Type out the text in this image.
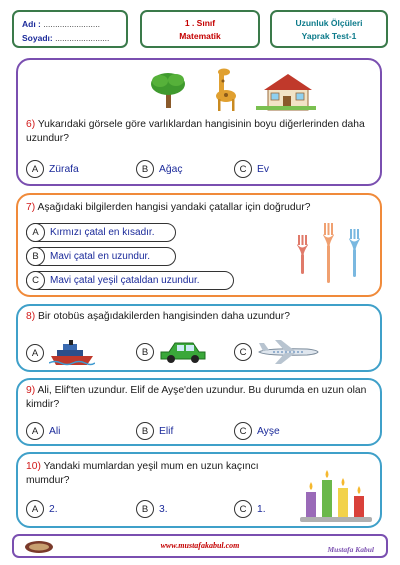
Adı : ........................
Soyadı: .......................
1 . Sınıf
Matematik
Uzunluk Ölçüleri
Yaprak Test-1
6) Yukarıdaki görsele göre varlıklardan hangisinin boyu diğerlerinden daha uzundur?
A	Zürafa	B	Ağaç	C	Ev
7) Aşağıdaki bilgilerden hangisi yandaki çatallar için doğrudur?
A	Kırmızı çatal en kısadır.
B	Mavi çatal en uzundur.
C	Mavi çatal yeşil çataldan uzundur.
8) Bir otobüs aşağıdakilerden hangisinden daha uzundur?
A	B	C
9) Ali, Elif'ten uzundur. Elif de Ayşe'den uzundur. Bu durumda en uzun olan kimdir?
A	Ali	B	Elif	C	Ayşe
10) Yandaki mumlardan yeşil mum en uzun kaçıncı mumdur?
A	2.	B	3.	C	1.
www.mustafakabul.com	Mustafa Kabul
